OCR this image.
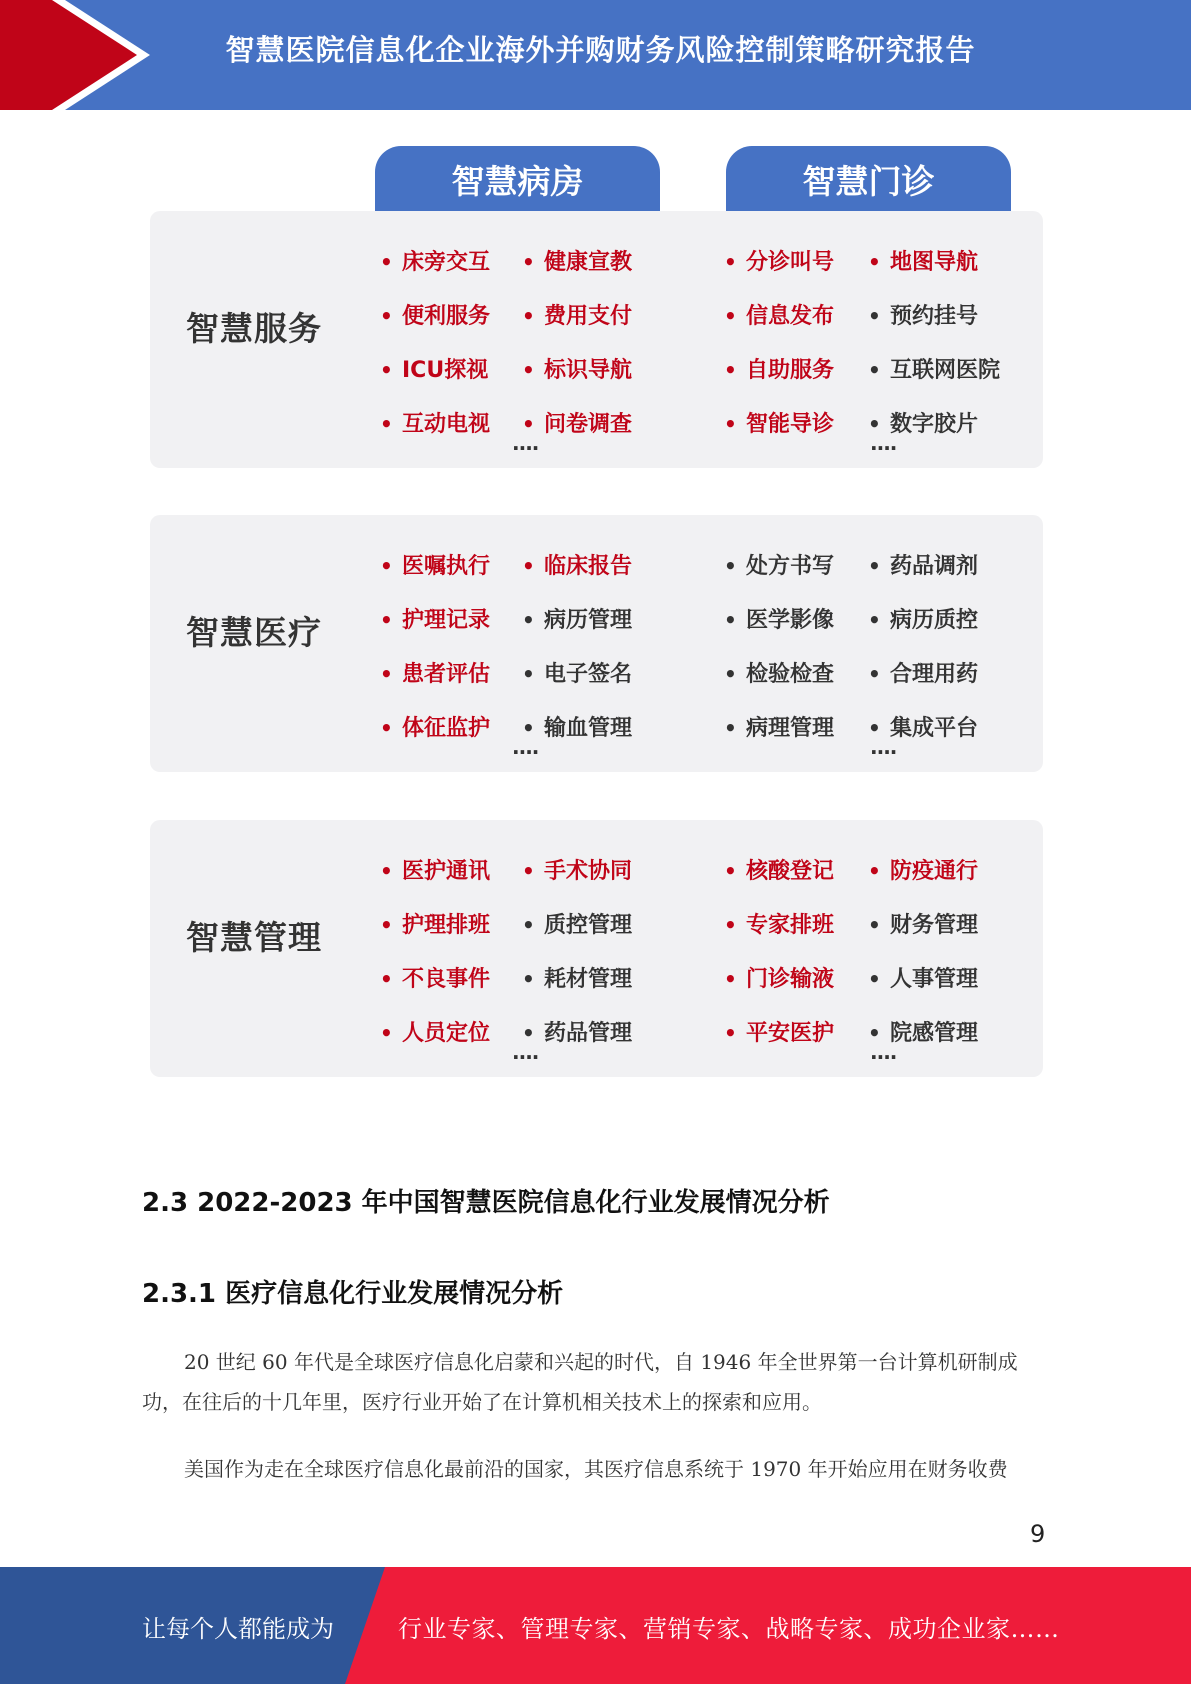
智慧医院信息化企业海外并购财务风险控制策略研究报告
智慧病房	智慧门诊
智慧服务
• 床旁交互 • 健康宣教	• 分诊叫号 • 地图导航
• 便利服务 • 费用支付	• 信息发布 • 预约挂号
• ICU探视 • 标识导航	• 自助服务 • 互联网医院
• 互动电视 • 问卷调查	• 智能导诊 • 数字胶片
····	····
智慧医疗
• 医嘱执行 • 临床报告	• 处方书写 • 药品调剂
• 护理记录 • 病历管理	• 医学影像 • 病历质控
• 患者评估 • 电子签名	• 检验检查 • 合理用药
• 体征监护 • 输血管理	• 病理管理 • 集成平台
····	····
智慧管理
• 医护通讯 • 手术协同	• 核酸登记 • 防疫通行
• 护理排班 • 质控管理	• 专家排班 • 财务管理
• 不良事件 • 耗材管理	• 门诊输液 • 人事管理
• 人员定位 • 药品管理	• 平安医护 • 院感管理
····	····
2.3 2022-2023 年中国智慧医院信息化行业发展情况分析
2.3.1 医疗信息化行业发展情况分析
20 世纪 60 年代是全球医疗信息化启蒙和兴起的时代，自 1946 年全世界第一台计算机研制成功，在往后的十几年里，医疗行业开始了在计算机相关技术上的探索和应用。
美国作为走在全球医疗信息化最前沿的国家，其医疗信息系统于 1970 年开始应用在财务收费
9
让每个人都能成为	行业专家、管理专家、营销专家、战略专家、成功企业家……
